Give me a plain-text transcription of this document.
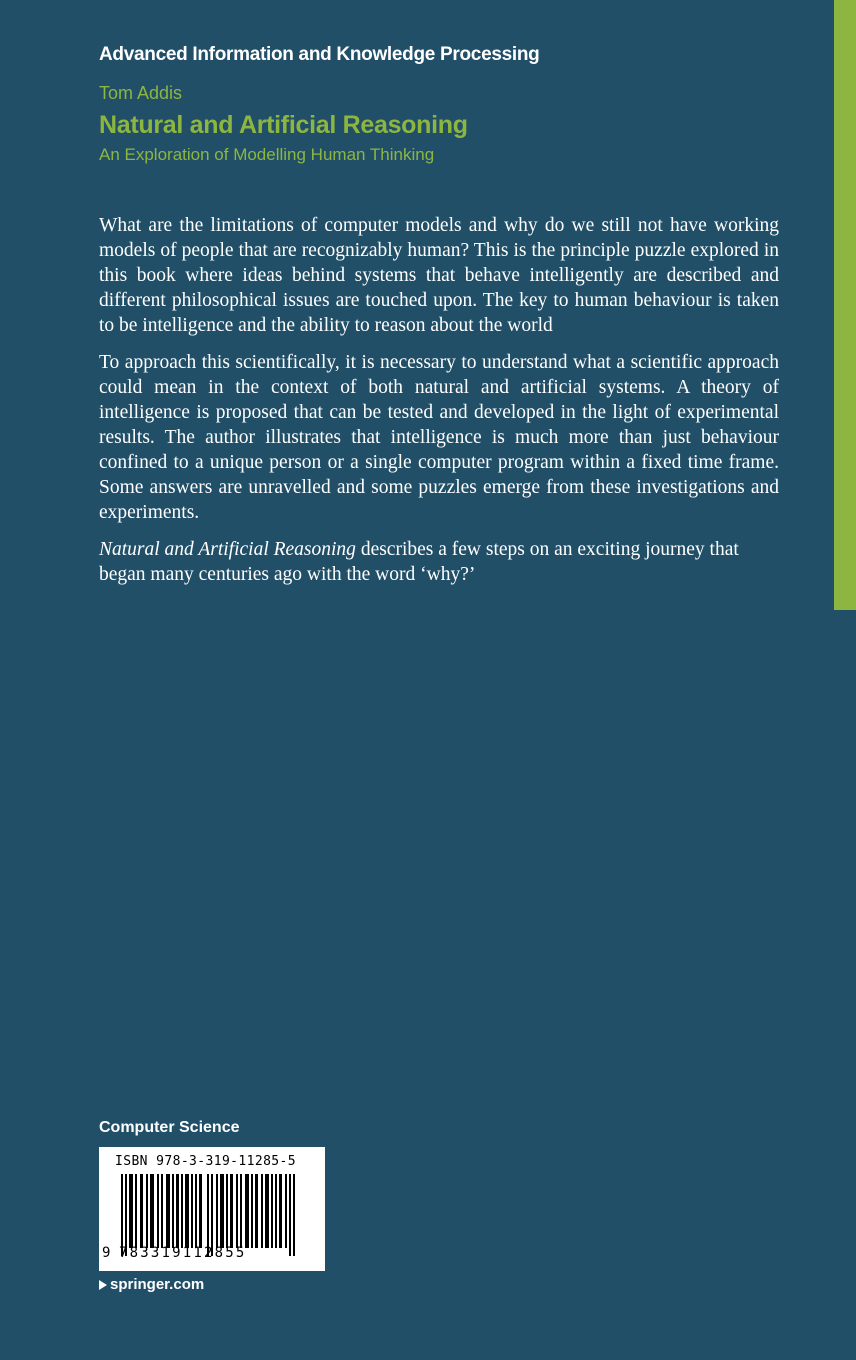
Advanced Information and Knowledge Processing
Tom Addis
Natural and Artificial Reasoning
An Exploration of Modelling Human Thinking

What are the limitations of computer models and why do we still not have working models of people that are recognizably human? This is the principle puzzle explored in this book where ideas behind systems that behave intelligently are described and different philosophical issues are touched upon. The key to human behaviour is taken to be intelligence and the ability to reason about the world

To approach this scientifically, it is necessary to understand what a scientific approach could mean in the context of both natural and artificial systems. A theory of intelligence is proposed that can be tested and developed in the light of experimental results. The author illustrates that intelligence is much more than just behaviour confined to a unique person or a single computer program within a fixed time frame. Some answers are unravelled and some puzzles emerge from these investigations and experiments.

Natural and Artificial Reasoning describes a few steps on an exciting journey that began many centuries ago with the word ‘why?’

Computer Science
ISBN 978-3-319-11285-5
9 783319112855
springer.com
